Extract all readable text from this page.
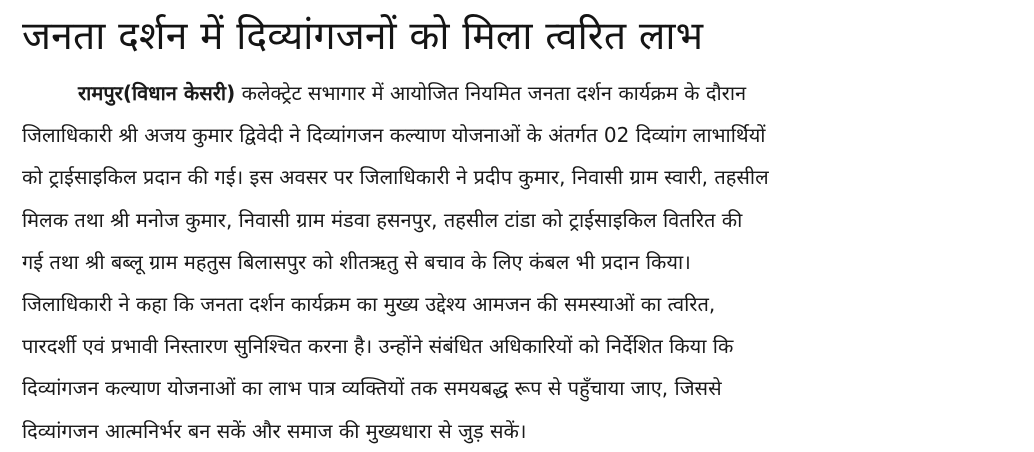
जनता दर्शन में दिव्यांगजनों को मिला त्वरित लाभ
रामपुर(विधान केसरी) कलेक्ट्रेट सभागार में आयोजित नियमित जनता दर्शन कार्यक्रम के दौरान
जिलाधिकारी श्री अजय कुमार द्विवेदी ने दिव्यांगजन कल्याण योजनाओं के अंतर्गत 02 दिव्यांग लाभार्थियों
को ट्राईसाइकिल प्रदान की गई। इस अवसर पर जिलाधिकारी ने प्रदीप कुमार, निवासी ग्राम स्वारी, तहसील
मिलक तथा श्री मनोज कुमार, निवासी ग्राम मंडवा हसनपुर, तहसील टांडा को ट्राईसाइकिल वितरित की
गई तथा श्री बब्लू ग्राम महतुस बिलासपुर को शीतऋतु से बचाव के लिए कंबल भी प्रदान किया।
जिलाधिकारी ने कहा कि जनता दर्शन कार्यक्रम का मुख्य उद्देश्य आमजन की समस्याओं का त्वरित,
पारदर्शी एवं प्रभावी निस्तारण सुनिश्चित करना है। उन्होंने संबंधित अधिकारियों को निर्देशित किया कि
दिव्यांगजन कल्याण योजनाओं का लाभ पात्र व्यक्तियों तक समयबद्ध रूप से पहुँचाया जाए, जिससे
दिव्यांगजन आत्मनिर्भर बन सकें और समाज की मुख्यधारा से जुड़ सकें।
